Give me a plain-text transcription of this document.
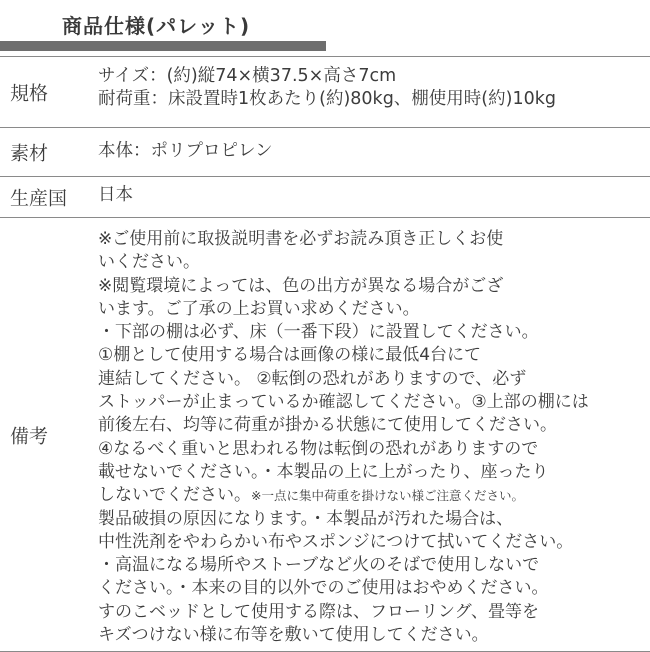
商品仕様(パレット)
規格
サイズ：(約)縦74×横37.5×高さ7cm
耐荷重：床設置時1枚あたり(約)80kg、棚使用時(約)10kg
素材	本体：ポリプロピレン
生産国 日本
備考
※ご使用前に取扱説明書を必ずお読み頂き正しくお使
いください。
※閲覧環境によっては、色の出方が異なる場合がござ
います。ご了承の上お買い求めください。
・下部の棚は必ず、床（一番下段）に設置してください。
①棚として使用する場合は画像の様に最低4台にて
連結してください。 ②転倒の恐れがありますので、必ず
ストッパーが止まっているか確認してください。③上部の棚には
前後左右、均等に荷重が掛かる状態にて使用してください。
④なるべく重いと思われる物は転倒の恐れがありますので
載せないでください。・本製品の上に上がったり、座ったり
しないでください。※一点に集中荷重を掛けない様ご注意ください。
製品破損の原因になります。・本製品が汚れた場合は、
中性洗剤をやわらかい布やスポンジにつけて拭いてください。
・高温になる場所やストーブなど火のそばで使用しないで
ください。・本来の目的以外でのご使用はおやめください。
すのこベッドとして使用する際は、フローリング、畳等を
キズつけない様に布等を敷いて使用してください。
